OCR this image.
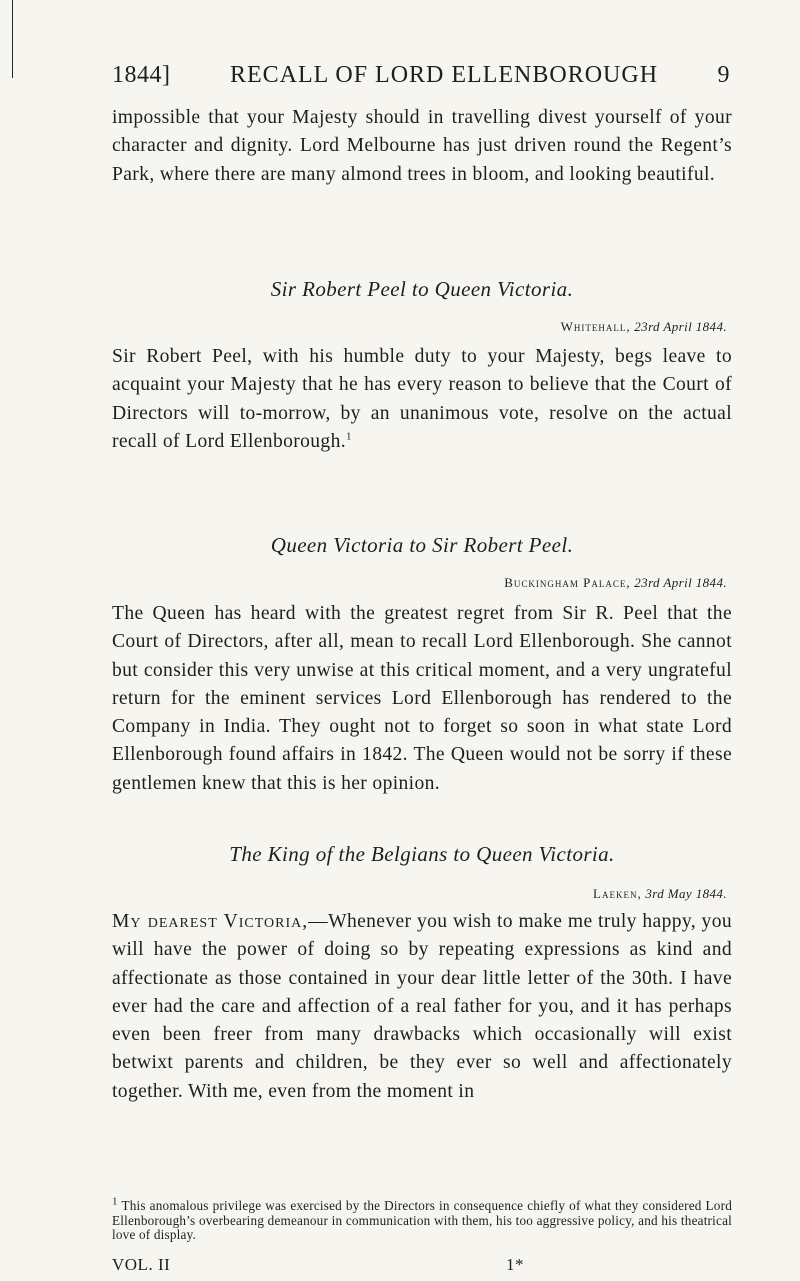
1844] RECALL OF LORD ELLENBOROUGH 9

impossible that your Majesty should in travelling divest yourself of your character and dignity. Lord Melbourne has just driven round the Regent’s Park, where there are many almond trees in bloom, and looking beautiful.

Sir Robert Peel to Queen Victoria.
Whitehall, 23rd April 1844.

Sir Robert Peel, with his humble duty to your Majesty, begs leave to acquaint your Majesty that he has every reason to believe that the Court of Directors will to-morrow, by an unanimous vote, resolve on the actual recall of Lord Ellenborough.$^1$

Queen Victoria to Sir Robert Peel.
Buckingham Palace, 23rd April 1844.

The Queen has heard with the greatest regret from Sir R. Peel that the Court of Directors, after all, mean to recall Lord Ellenborough. She cannot but consider this very unwise at this critical moment, and a very ungrateful return for the eminent services Lord Ellenborough has rendered to the Company in India. They ought not to forget so soon in what state Lord Ellenborough found affairs in 1842. The Queen would not be sorry if these gentlemen knew that this is her opinion.

The King of the Belgians to Queen Victoria.
Laeken, 3rd May 1844.

My dearest Victoria,—Whenever you wish to make me truly happy, you will have the power of doing so by repeating expressions as kind and affectionate as those contained in your dear little letter of the 30th. I have ever had the care and affection of a real father for you, and it has perhaps even been freer from many drawbacks which occasionally will exist betwixt parents and children, be they ever so well and affectionately together. With me, even from the moment in

$^1$ This anomalous privilege was exercised by the Directors in consequence chiefly of what they considered Lord Ellenborough’s overbearing demeanour in communication with them, his too aggressive policy, and his theatrical love of display.
VOL. II	1*
